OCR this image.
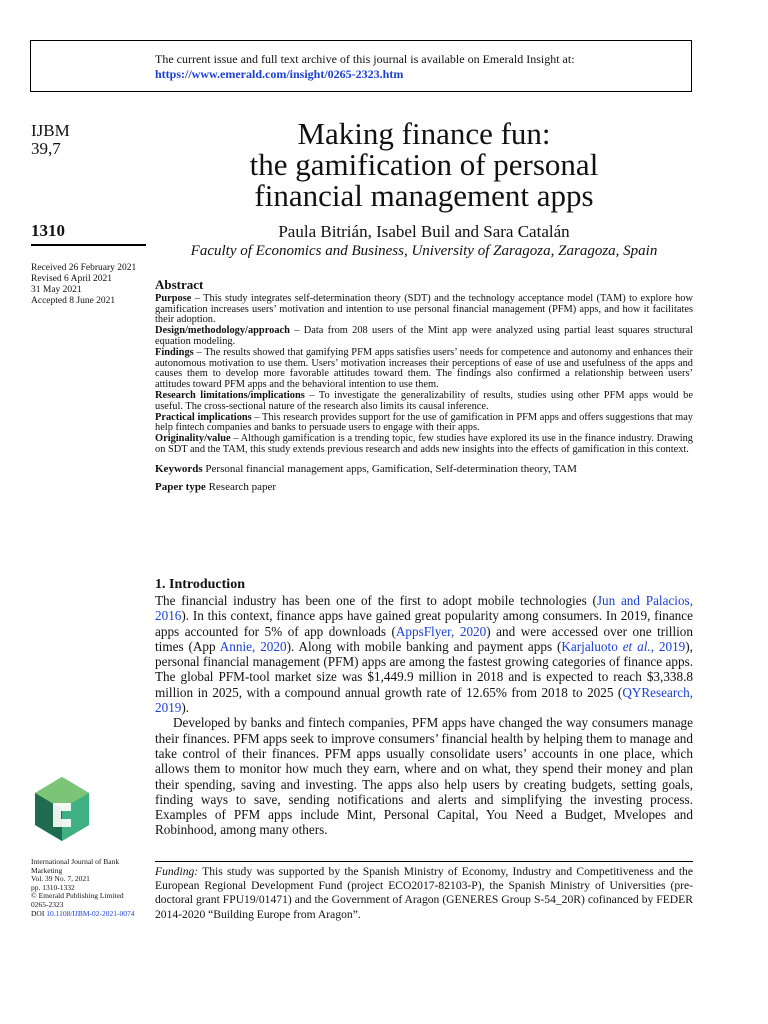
The current issue and full text archive of this journal is available on Emerald Insight at:
https://www.emerald.com/insight/0265-2323.htm
IJBM
39,7
1310
Received 26 February 2021
Revised 6 April 2021
31 May 2021
Accepted 8 June 2021
Making finance fun:
the gamification of personal
financial management apps
Paula Bitrián, Isabel Buil and Sara Catalán
Faculty of Economics and Business, University of Zaragoza, Zaragoza, Spain
Abstract

Purpose – This study integrates self-determination theory (SDT) and the technology acceptance model (TAM) to explore how gamification increases users’ motivation and intention to use personal financial management (PFM) apps, and how it facilitates their adoption.

Design/methodology/approach – Data from 208 users of the Mint app were analyzed using partial least squares structural equation modeling.

Findings – The results showed that gamifying PFM apps satisfies users’ needs for competence and autonomy and enhances their autonomous motivation to use them. Users’ motivation increases their perceptions of ease of use and usefulness of the apps and causes them to develop more favorable attitudes toward them. The findings also confirmed a relationship between users’ attitudes toward PFM apps and the behavioral intention to use them.

Research limitations/implications – To investigate the generalizability of results, studies using other PFM apps would be useful. The cross-sectional nature of the research also limits its causal inference.

Practical implications – This research provides support for the use of gamification in PFM apps and offers suggestions that may help fintech companies and banks to persuade users to engage with their apps.

Originality/value – Although gamification is a trending topic, few studies have explored its use in the finance industry. Drawing on SDT and the TAM, this study extends previous research and adds new insights into the effects of gamification in this context.

Keywords Personal financial management apps, Gamification, Self-determination theory, TAM

Paper type Research paper

1. Introduction

The financial industry has been one of the first to adopt mobile technologies (Jun and Palacios, 2016). In this context, finance apps have gained great popularity among consumers. In 2019, finance apps accounted for 5% of app downloads (AppsFlyer, 2020) and were accessed over one trillion times (App Annie, 2020). Along with mobile banking and payment apps (Karjaluoto et al., 2019), personal financial management (PFM) apps are among the fastest growing categories of finance apps. The global PFM-tool market size was $1,449.9 million in 2018 and is expected to reach $3,338.8 million in 2025, with a compound annual growth rate of 12.65% from 2018 to 2025 (QYResearch, 2019).

Developed by banks and fintech companies, PFM apps have changed the way consumers manage their finances. PFM apps seek to improve consumers’ financial health by helping them to manage and take control of their finances. PFM apps usually consolidate users’ accounts in one place, which allows them to monitor how much they earn, where and on what, they spend their money and plan their spending, saving and investing. The apps also help users by creating budgets, setting goals, finding ways to save, sending notifications and alerts and simplifying the investing process. Examples of PFM apps include Mint, Personal Capital, You Need a Budget, Mvelopes and Robinhood, among many others.

Funding: This study was supported by the Spanish Ministry of Economy, Industry and Competitiveness and the European Regional Development Fund (project ECO2017-82103-P), the Spanish Ministry of Universities (pre-doctoral grant FPU19/01471) and the Government of Aragon (GENERES Group S-54_20R) cofinanced by FEDER 2014-2020 “Building Europe from Aragon”.
International Journal of Bank
Marketing
Vol. 39 No. 7, 2021
pp. 1310-1332
© Emerald Publishing Limited
0265-2323
DOI 10.1108/IJBM-02-2021-0074
